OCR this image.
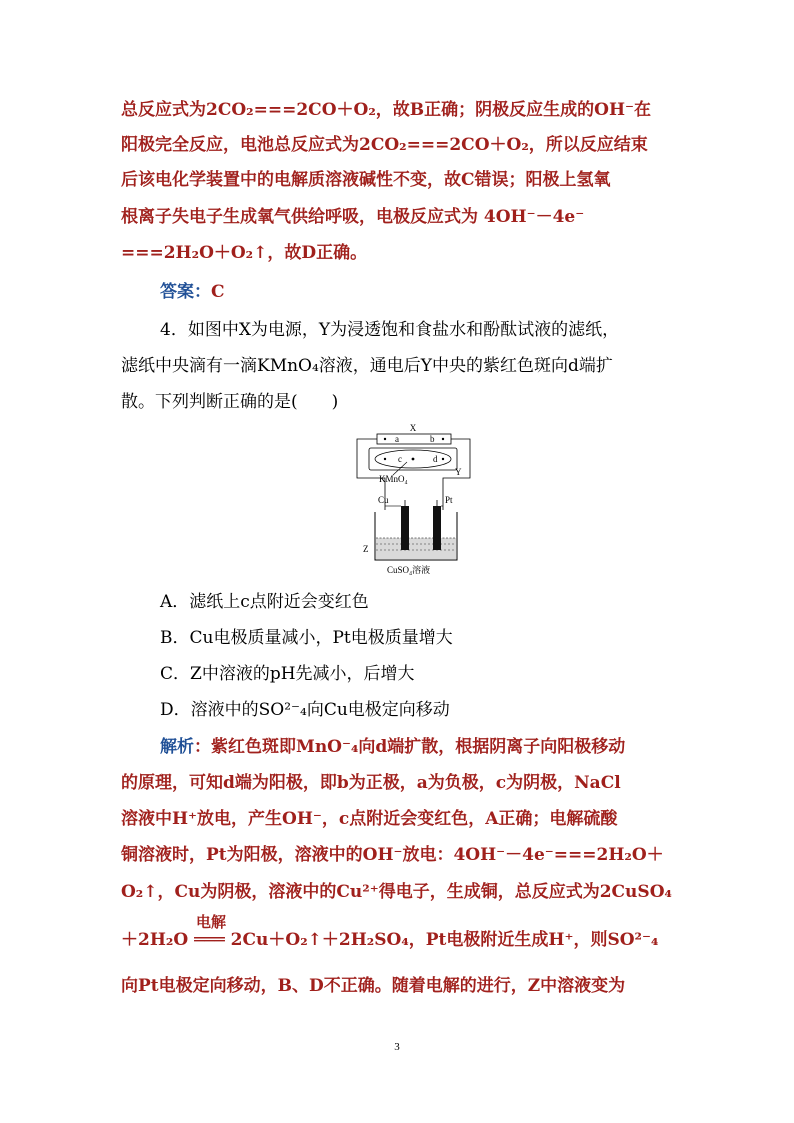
总反应式为2CO₂===2CO＋O₂，故B正确；阴极反应生成的OH⁻在
阳极完全反应，电池总反应式为2CO₂===2CO＋O₂，所以反应结束
后该电化学装置中的电解质溶液碱性不变，故C错误；阳极上氢氧
根离子失电子生成氧气供给呼吸，电极反应式为 4OH⁻－4e⁻
===2H₂O＋O₂↑，故D正确。
答案：C
4．如图中X为电源，Y为浸透饱和食盐水和酚酞试液的滤纸，
滤纸中央滴有一滴KMnO₄溶液，通电后Y中央的紫红色斑向d端扩
散。下列判断正确的是(　　)
X
a	b
c	d
KMnO₄
Y
Cu	Pt
Z
CuSO₄溶液
A．滤纸上c点附近会变红色
B．Cu电极质量减小，Pt电极质量增大
C．Z中溶液的pH先减小，后增大
D．溶液中的SO²⁻₄向Cu电极定向移动
解析：紫红色斑即MnO⁻₄向d端扩散，根据阴离子向阳极移动
的原理，可知d端为阳极，即b为正极，a为负极，c为阴极，NaCl
溶液中H⁺放电，产生OH⁻，c点附近会变红色，A正确；电解硫酸
铜溶液时，Pt为阳极，溶液中的OH⁻放电：4OH⁻－4e⁻===2H₂O＋
O₂↑，Cu为阴极，溶液中的Cu²⁺得电子，生成铜，总反应式为2CuSO₄
电解
＋2H₂O ═══ 2Cu＋O₂↑＋2H₂SO₄，Pt电极附近生成H⁺，则SO²⁻₄
向Pt电极定向移动，B、D不正确。随着电解的进行，Z中溶液变为
3
